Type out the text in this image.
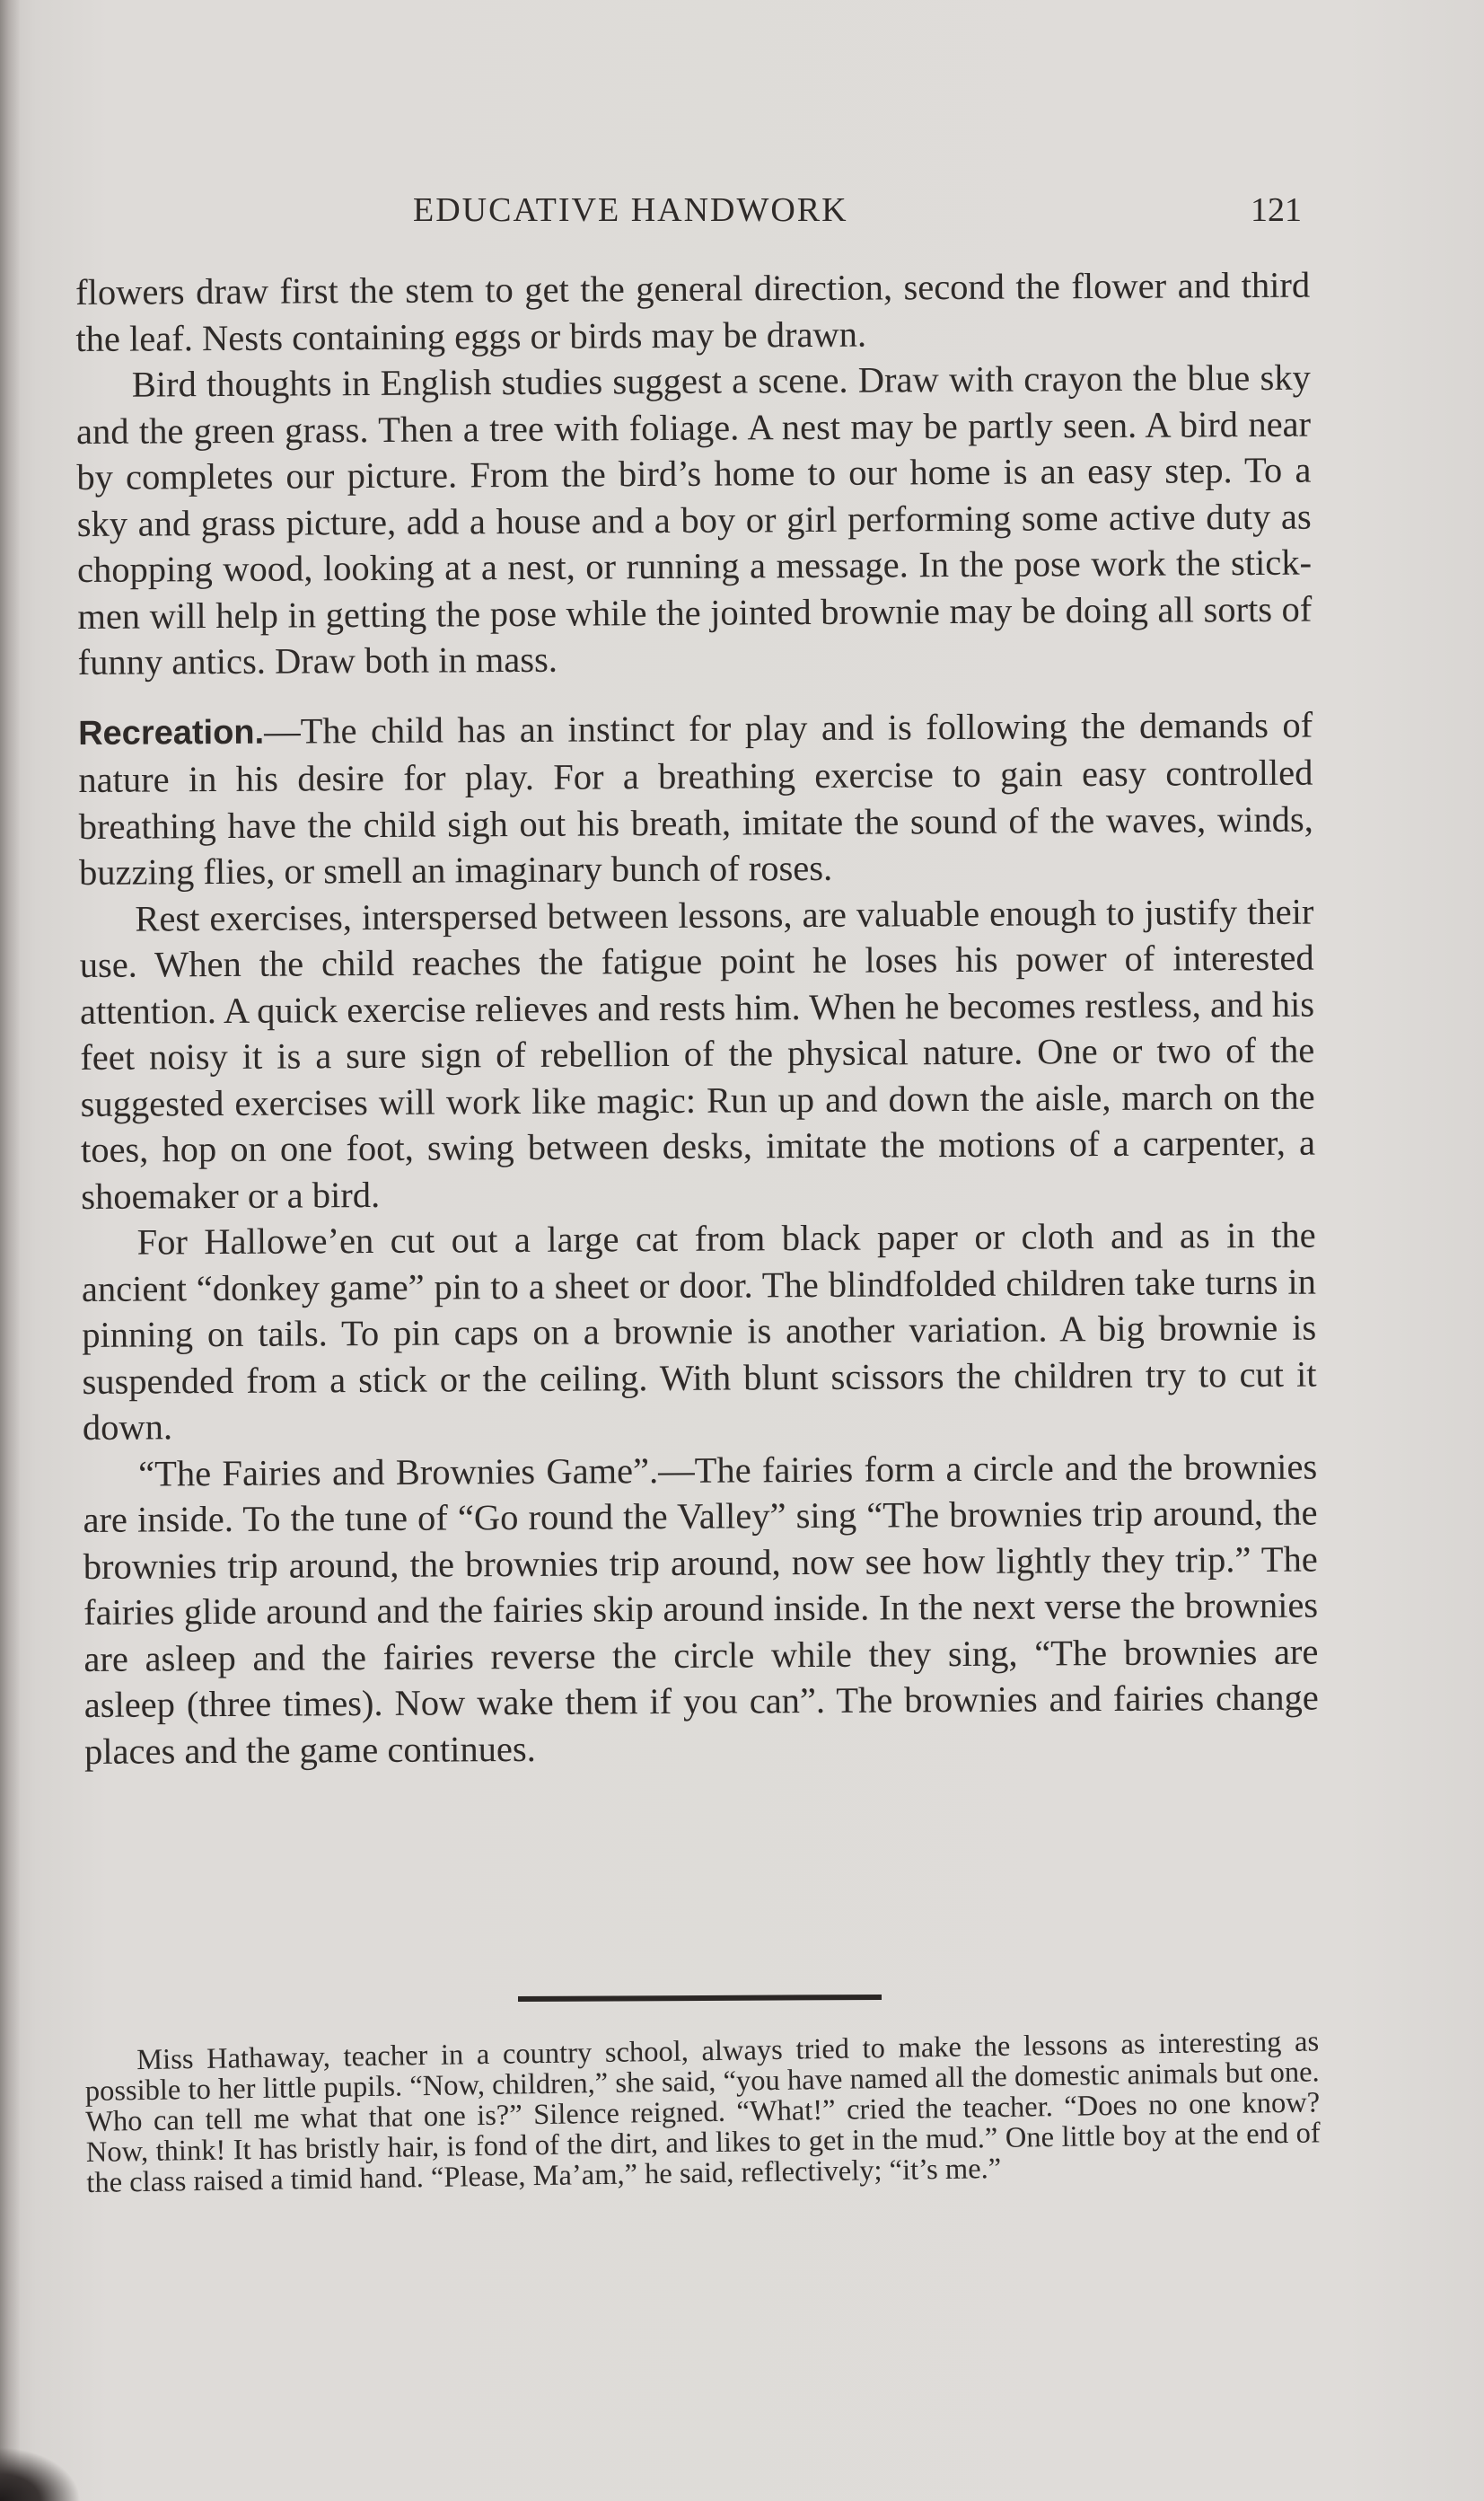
EDUCATIVE HANDWORK	121

flowers draw first the stem to get the general direction, second the flower and third the leaf. Nests containing eggs or birds may be drawn.

Bird thoughts in English studies suggest a scene. Draw with crayon the blue sky and the green grass. Then a tree with foliage. A nest may be partly seen. A bird near by completes our picture. From the bird’s home to our home is an easy step. To a sky and grass picture, add a house and a boy or girl performing some active duty as chopping wood, looking at a nest, or running a message. In the pose work the stick-men will help in getting the pose while the jointed brownie may be doing all sorts of funny antics. Draw both in mass.

Recreation.—The child has an instinct for play and is following the demands of nature in his desire for play. For a breathing exercise to gain easy controlled breathing have the child sigh out his breath, imitate the sound of the waves, winds, buzzing flies, or smell an imaginary bunch of roses.

Rest exercises, interspersed between lessons, are valuable enough to justify their use. When the child reaches the fatigue point he loses his power of interested attention. A quick exercise relieves and rests him. When he becomes restless, and his feet noisy it is a sure sign of rebellion of the physical nature. One or two of the suggested exercises will work like magic: Run up and down the aisle, march on the toes, hop on one foot, swing between desks, imitate the motions of a carpenter, a shoemaker or a bird.

For Hallowe’en cut out a large cat from black paper or cloth and as in the ancient “donkey game” pin to a sheet or door. The blindfolded children take turns in pinning on tails. To pin caps on a brownie is another variation. A big brownie is suspended from a stick or the ceiling. With blunt scissors the children try to cut it down.

“The Fairies and Brownies Game”.—The fairies form a circle and the brownies are inside. To the tune of “Go round the Valley” sing “The brownies trip around, the brownies trip around, the brownies trip around, now see how lightly they trip.” The fairies glide around and the fairies skip around inside. In the next verse the brownies are asleep and the fairies reverse the circle while they sing, “The brownies are asleep (three times). Now wake them if you can”. The brownies and fairies change places and the game continues.

Miss Hathaway, teacher in a country school, always tried to make the lessons as interesting as possible to her little pupils. “Now, children,” she said, “you have named all the domestic animals but one. Who can tell me what that one is?” Silence reigned. “What!” cried the teacher. “Does no one know? Now, think! It has bristly hair, is fond of the dirt, and likes to get in the mud.” One little boy at the end of the class raised a timid hand. “Please, Ma’am,” he said, reflectively; “it’s me.”
